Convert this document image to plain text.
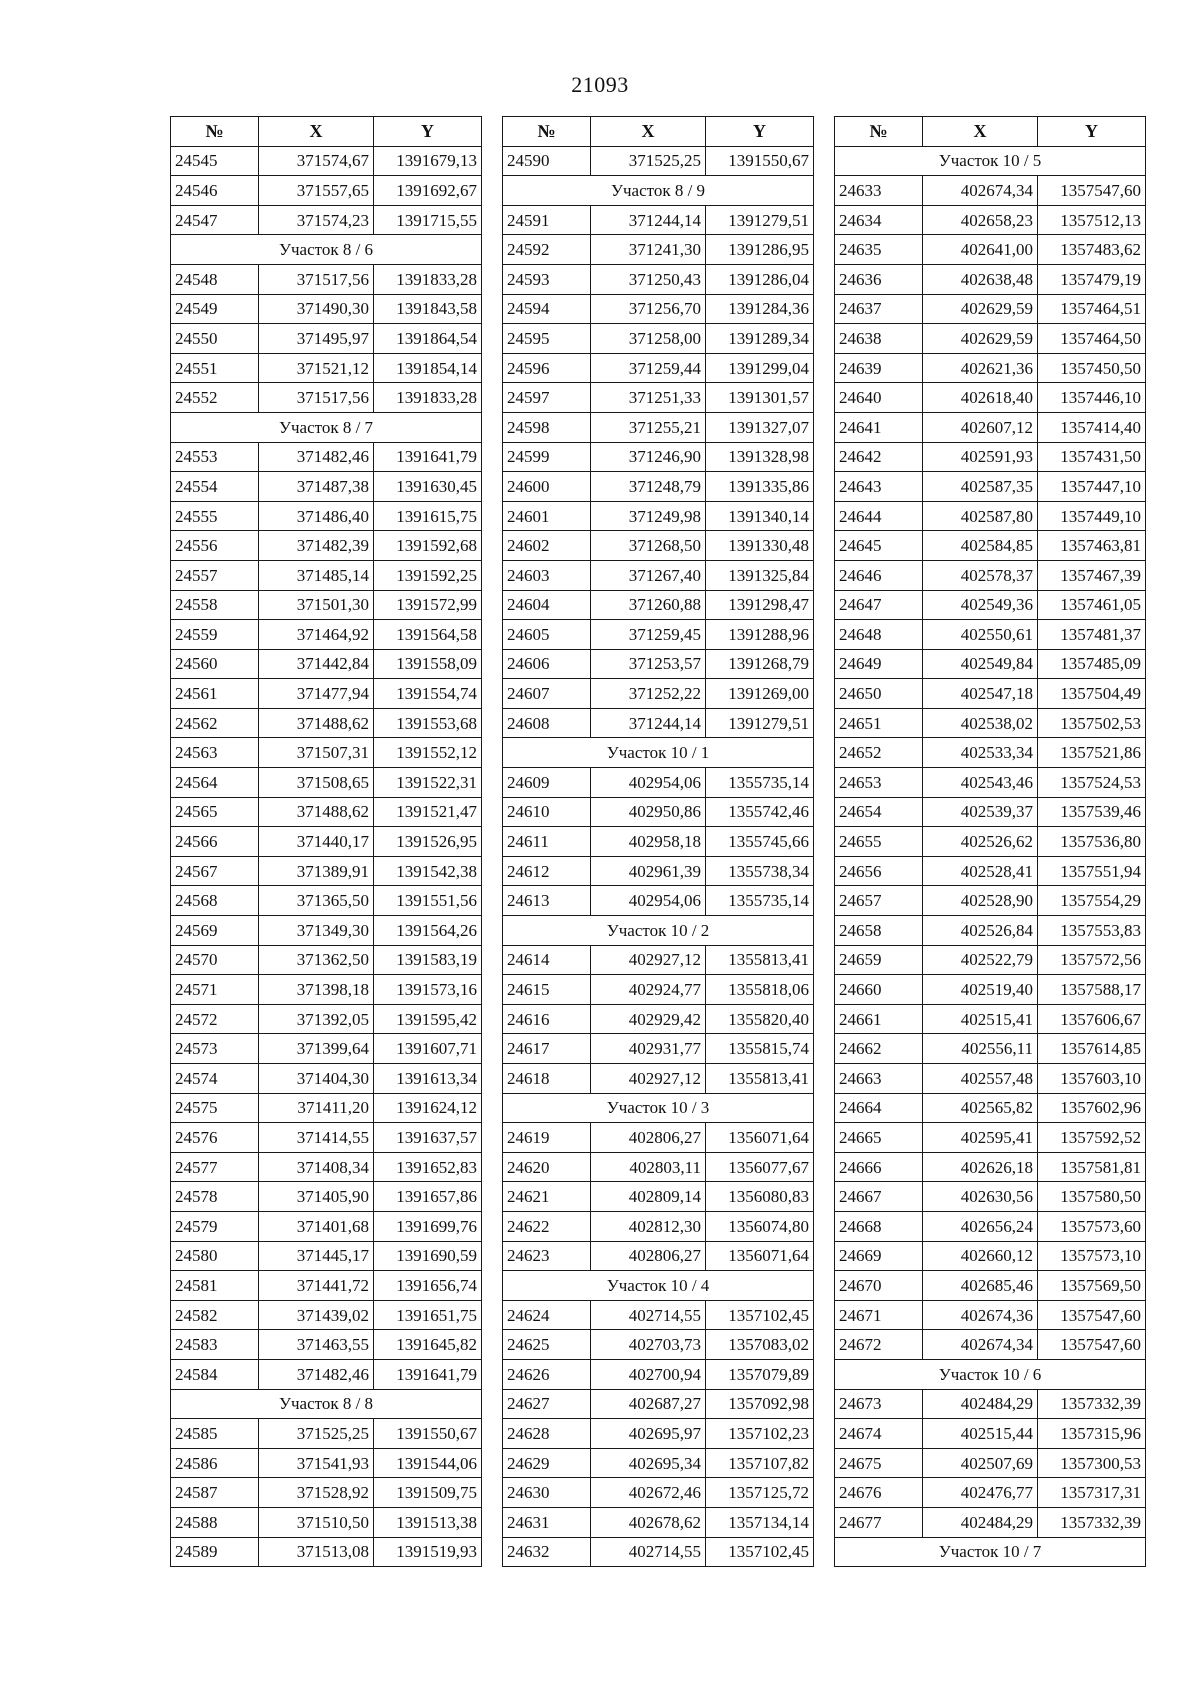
21093
№	X	Y
24545	371574,67	1391679,13
24546	371557,65	1391692,67
24547	371574,23	1391715,55
Участок 8 / 6		
24548	371517,56	1391833,28
24549	371490,30	1391843,58
24550	371495,97	1391864,54
24551	371521,12	1391854,14
24552	371517,56	1391833,28
Участок 8 / 7		
24553	371482,46	1391641,79
24554	371487,38	1391630,45
24555	371486,40	1391615,75
24556	371482,39	1391592,68
24557	371485,14	1391592,25
24558	371501,30	1391572,99
24559	371464,92	1391564,58
24560	371442,84	1391558,09
24561	371477,94	1391554,74
24562	371488,62	1391553,68
24563	371507,31	1391552,12
24564	371508,65	1391522,31
24565	371488,62	1391521,47
24566	371440,17	1391526,95
24567	371389,91	1391542,38
24568	371365,50	1391551,56
24569	371349,30	1391564,26
24570	371362,50	1391583,19
24571	371398,18	1391573,16
24572	371392,05	1391595,42
24573	371399,64	1391607,71
24574	371404,30	1391613,34
24575	371411,20	1391624,12
24576	371414,55	1391637,57
24577	371408,34	1391652,83
24578	371405,90	1391657,86
24579	371401,68	1391699,76
24580	371445,17	1391690,59
24581	371441,72	1391656,74
24582	371439,02	1391651,75
24583	371463,55	1391645,82
24584	371482,46	1391641,79
Участок 8 / 8		
24585	371525,25	1391550,67
24586	371541,93	1391544,06
24587	371528,92	1391509,75
24588	371510,50	1391513,38
24589	371513,08	1391519,93
№	X	Y
24590	371525,25	1391550,67
Участок 8 / 9		
24591	371244,14	1391279,51
24592	371241,30	1391286,95
24593	371250,43	1391286,04
24594	371256,70	1391284,36
24595	371258,00	1391289,34
24596	371259,44	1391299,04
24597	371251,33	1391301,57
24598	371255,21	1391327,07
24599	371246,90	1391328,98
24600	371248,79	1391335,86
24601	371249,98	1391340,14
24602	371268,50	1391330,48
24603	371267,40	1391325,84
24604	371260,88	1391298,47
24605	371259,45	1391288,96
24606	371253,57	1391268,79
24607	371252,22	1391269,00
24608	371244,14	1391279,51
Участок 10 / 1		
24609	402954,06	1355735,14
24610	402950,86	1355742,46
24611	402958,18	1355745,66
24612	402961,39	1355738,34
24613	402954,06	1355735,14
Участок 10 / 2		
24614	402927,12	1355813,41
24615	402924,77	1355818,06
24616	402929,42	1355820,40
24617	402931,77	1355815,74
24618	402927,12	1355813,41
Участок 10 / 3		
24619	402806,27	1356071,64
24620	402803,11	1356077,67
24621	402809,14	1356080,83
24622	402812,30	1356074,80
24623	402806,27	1356071,64
Участок 10 / 4		
24624	402714,55	1357102,45
24625	402703,73	1357083,02
24626	402700,94	1357079,89
24627	402687,27	1357092,98
24628	402695,97	1357102,23
24629	402695,34	1357107,82
24630	402672,46	1357125,72
24631	402678,62	1357134,14
24632	402714,55	1357102,45
№	X	Y
Участок 10 / 5		
24633	402674,34	1357547,60
24634	402658,23	1357512,13
24635	402641,00	1357483,62
24636	402638,48	1357479,19
24637	402629,59	1357464,51
24638	402629,59	1357464,50
24639	402621,36	1357450,50
24640	402618,40	1357446,10
24641	402607,12	1357414,40
24642	402591,93	1357431,50
24643	402587,35	1357447,10
24644	402587,80	1357449,10
24645	402584,85	1357463,81
24646	402578,37	1357467,39
24647	402549,36	1357461,05
24648	402550,61	1357481,37
24649	402549,84	1357485,09
24650	402547,18	1357504,49
24651	402538,02	1357502,53
24652	402533,34	1357521,86
24653	402543,46	1357524,53
24654	402539,37	1357539,46
24655	402526,62	1357536,80
24656	402528,41	1357551,94
24657	402528,90	1357554,29
24658	402526,84	1357553,83
24659	402522,79	1357572,56
24660	402519,40	1357588,17
24661	402515,41	1357606,67
24662	402556,11	1357614,85
24663	402557,48	1357603,10
24664	402565,82	1357602,96
24665	402595,41	1357592,52
24666	402626,18	1357581,81
24667	402630,56	1357580,50
24668	402656,24	1357573,60
24669	402660,12	1357573,10
24670	402685,46	1357569,50
24671	402674,36	1357547,60
24672	402674,34	1357547,60
Участок 10 / 6		
24673	402484,29	1357332,39
24674	402515,44	1357315,96
24675	402507,69	1357300,53
24676	402476,77	1357317,31
24677	402484,29	1357332,39
Участок 10 / 7		
